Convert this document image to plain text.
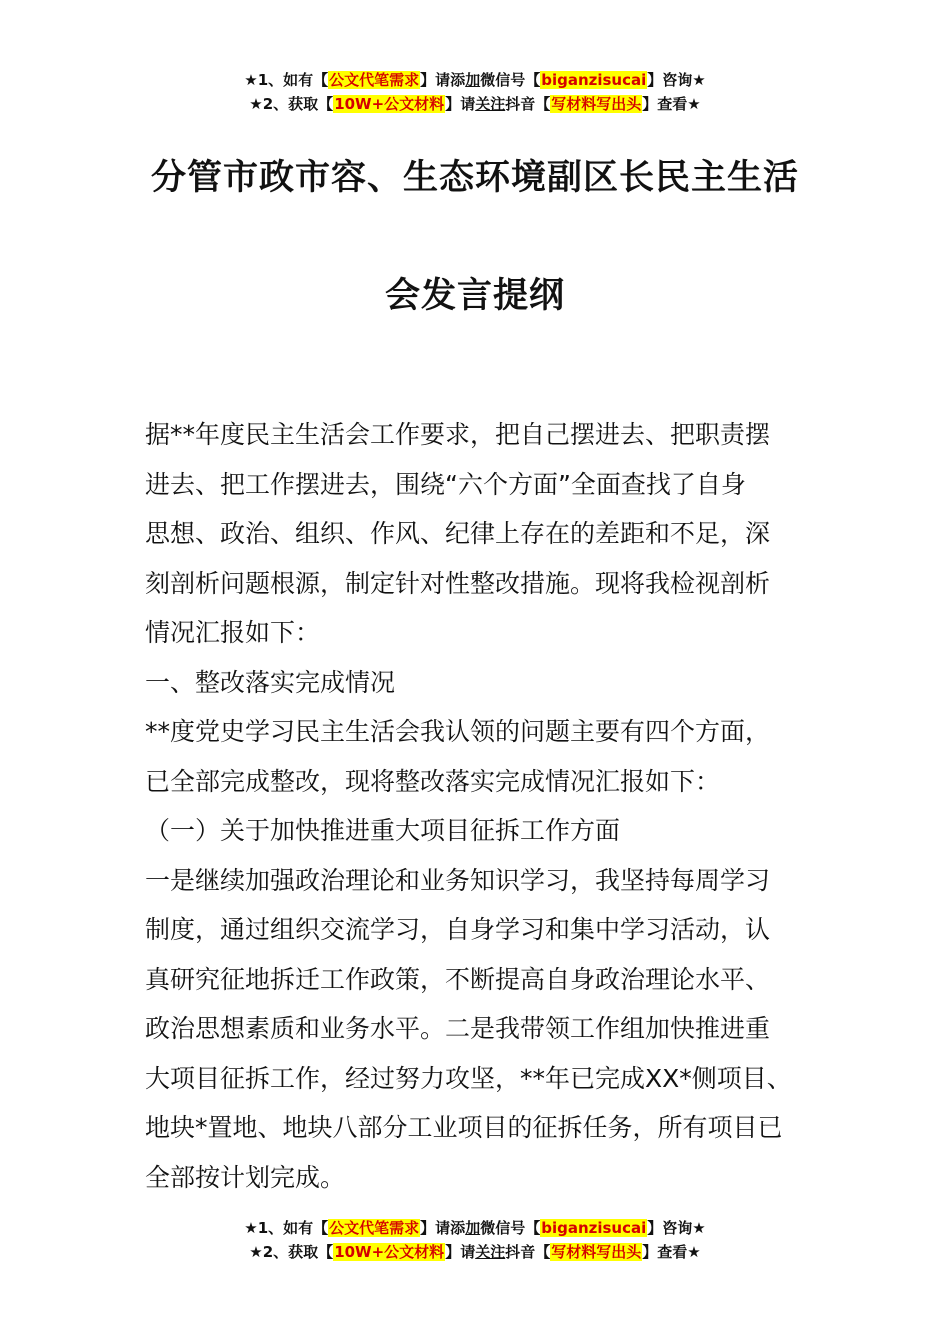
★1、如有【公文代笔需求】请添加微信号【biganzisucai】咨询★
★2、获取【10W+公文材料】请关注抖音【写材料写出头】查看★
分管市政市容、生态环境副区长民主生活
会发言提纲
据**年度民主生活会工作要求，把自己摆进去、把职责摆
进去、把工作摆进去，围绕“六个方面”全面查找了自身
思想、政治、组织、作风、纪律上存在的差距和不足，深
刻剖析问题根源，制定针对性整改措施。现将我检视剖析
情况汇报如下：
一、整改落实完成情况
**度党史学习民主生活会我认领的问题主要有四个方面，
已全部完成整改，现将整改落实完成情况汇报如下：
（一）关于加快推进重大项目征拆工作方面
一是继续加强政治理论和业务知识学习，我坚持每周学习
制度，通过组织交流学习，自身学习和集中学习活动，认
真研究征地拆迁工作政策，不断提高自身政治理论水平、
政治思想素质和业务水平。二是我带领工作组加快推进重
大项目征拆工作，经过努力攻坚，**年已完成XX*侧项目、
地块*置地、地块八部分工业项目的征拆任务，所有项目已
全部按计划完成。
★1、如有【公文代笔需求】请添加微信号【biganzisucai】咨询★
★2、获取【10W+公文材料】请关注抖音【写材料写出头】查看★
